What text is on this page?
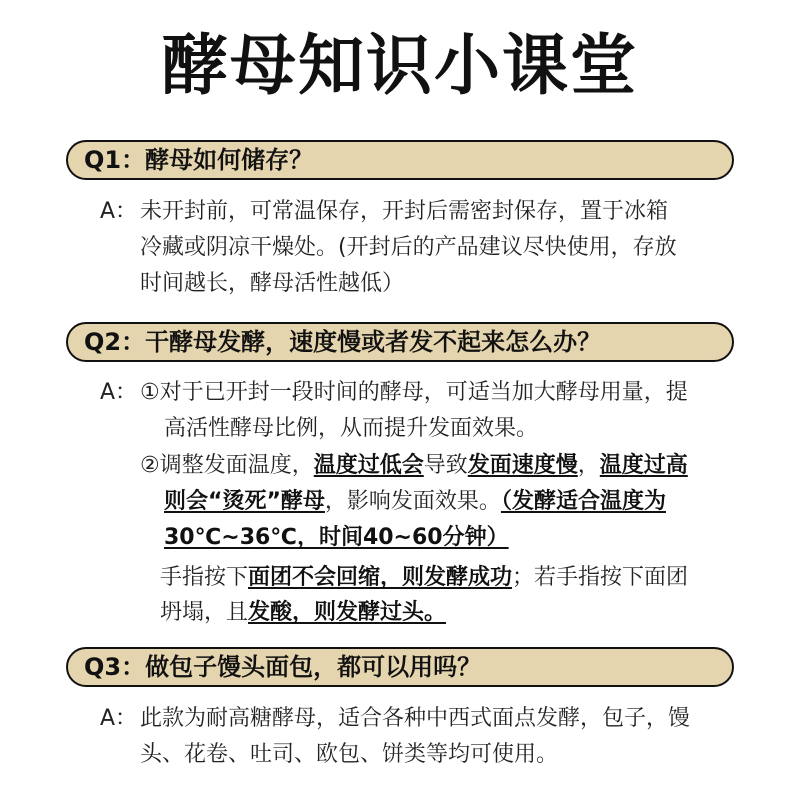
酵母知识小课堂
Q1：酵母如何储存？
A： 未开封前，可常温保存，开封后需密封保存，置于冰箱
冷藏或阴凉干燥处。(开封后的产品建议尽快使用，存放
时间越长，酵母活性越低）
Q2：干酵母发酵，速度慢或者发不起来怎么办？
A： ①对于已开封一段时间的酵母，可适当加大酵母用量，提
高活性酵母比例，从而提升发面效果。
②调整发面温度，温度过低会导致发面速度慢，温度过高
则会“烫死”酵母，影响发面效果。（发酵适合温度为
30℃~36℃，时间40~60分钟）
手指按下面团不会回缩，则发酵成功；若手指按下面团
坍塌，且发酸，则发酵过头。
Q3：做包子馒头面包，都可以用吗？
A： 此款为耐高糖酵母，适合各种中西式面点发酵，包子，馒
头、花卷、吐司、欧包、饼类等均可使用。
